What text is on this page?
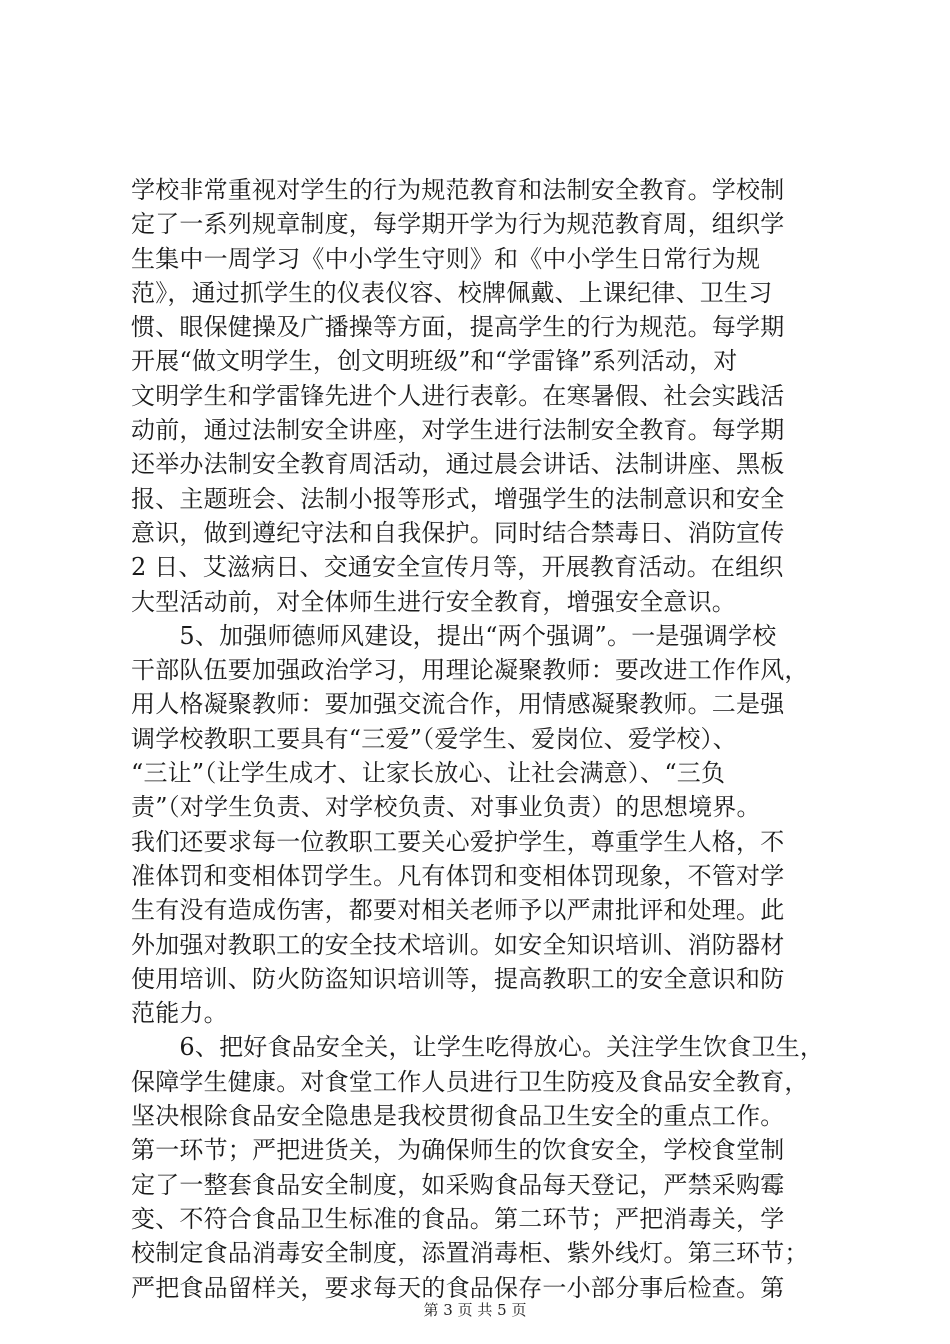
学校非常重视对学生的行为规范教育和法制安全教育。学校制
定了一系列规章制度，每学期开学为行为规范教育周，组织学
生集中一周学习《中小学生守则》和《中小学生日常行为规
范》，通过抓学生的仪表仪容、校牌佩戴、上课纪律、卫生习
惯、眼保健操及广播操等方面，提高学生的行为规范。每学期
开展“做文明学生，创文明班级”和“学雷锋”系列活动，对
文明学生和学雷锋先进个人进行表彰。在寒暑假、社会实践活
动前，通过法制安全讲座，对学生进行法制安全教育。每学期
还举办法制安全教育周活动，通过晨会讲话、法制讲座、黑板
报、主题班会、法制小报等形式，增强学生的法制意识和安全
意识，做到遵纪守法和自我保护。同时结合禁毒日、消防宣传
2 日、艾滋病日、交通安全宣传月等，开展教育活动。在组织
大型活动前，对全体师生进行安全教育，增强安全意识。
　　5、加强师德师风建设，提出“两个强调”。一是强调学校
干部队伍要加强政治学习，用理论凝聚教师：要改进工作作风，
用人格凝聚教师：要加强交流合作，用情感凝聚教师。二是强
调学校教职工要具有“三爱”（爱学生、爱岗位、爱学校）、
“三让”（让学生成才、让家长放心、让社会满意）、“三负
责”（对学生负责、对学校负责、对事业负责）的思想境界。
我们还要求每一位教职工要关心爱护学生，尊重学生人格，不
准体罚和变相体罚学生。凡有体罚和变相体罚现象，不管对学
生有没有造成伤害，都要对相关老师予以严肃批评和处理。此
外加强对教职工的安全技术培训。如安全知识培训、消防器材
使用培训、防火防盗知识培训等，提高教职工的安全意识和防
范能力。
　　6、把好食品安全关，让学生吃得放心。关注学生饮食卫生，
保障学生健康。对食堂工作人员进行卫生防疫及食品安全教育，
坚决根除食品安全隐患是我校贯彻食品卫生安全的重点工作。
第一环节；严把进货关，为确保师生的饮食安全，学校食堂制
定了一整套食品安全制度，如采购食品每天登记，严禁采购霉
变、不符合食品卫生标准的食品。第二环节；严把消毒关，学
校制定食品消毒安全制度，添置消毒柜、紫外线灯。第三环节；
严把食品留样关，要求每天的食品保存一小部分事后检查。第
第 3 页 共 5 页
